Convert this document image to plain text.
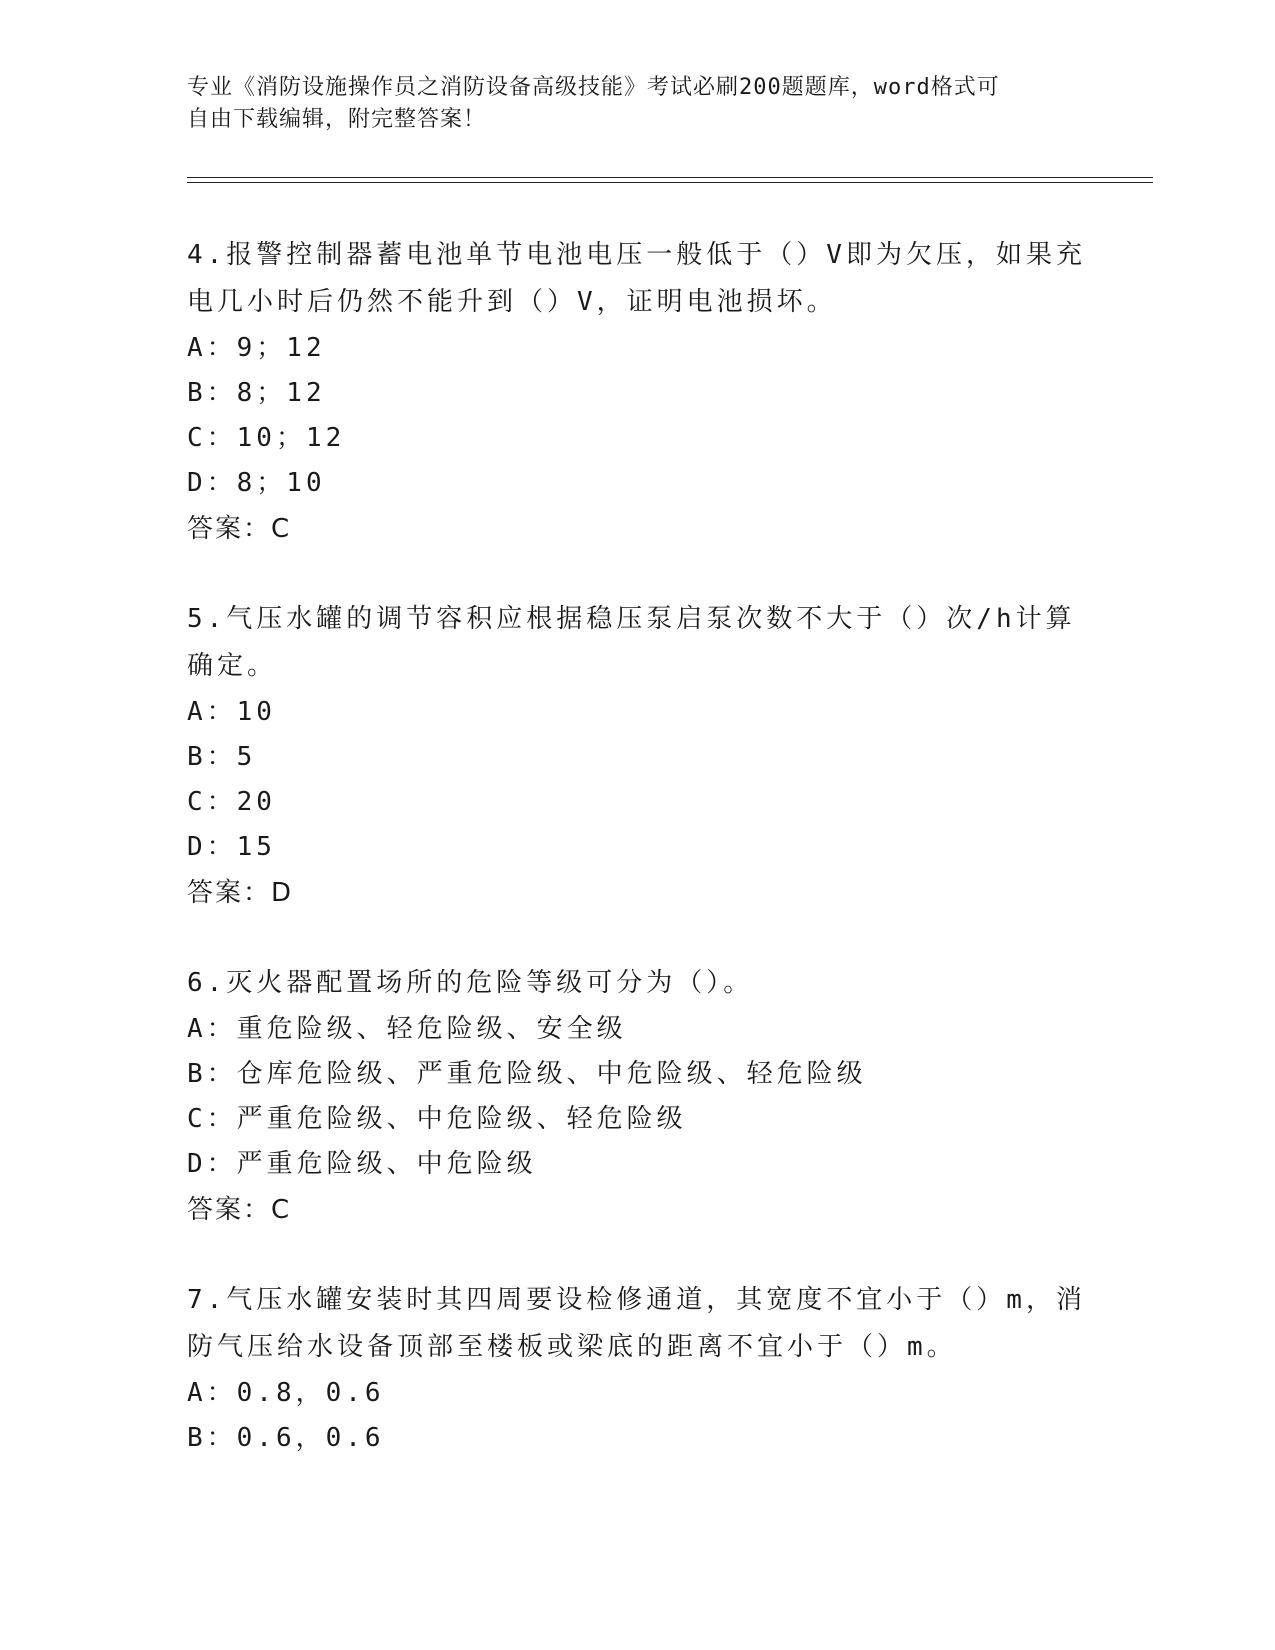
专业《消防设施操作员之消防设备高级技能》考试必刷200题题库，word格式可
自由下载编辑，附完整答案！
4.报警控制器蓄电池单节电池电压一般低于（）V即为欠压，如果充电几小时后仍然不能升到（）V，证明电池损坏。
A：9；12
B：8；12
C：10；12
D：8；10
答案：C
5.气压水罐的调节容积应根据稳压泵启泵次数不大于（）次/h计算确定。
A：10
B：5
C：20
D：15
答案：D
6.灭火器配置场所的危险等级可分为（）。
A：重危险级、轻危险级、安全级
B：仓库危险级、严重危险级、中危险级、轻危险级
C：严重危险级、中危险级、轻危险级
D：严重危险级、中危险级
答案：C
7.气压水罐安装时其四周要设检修通道，其宽度不宜小于（）m，消防气压给水设备顶部至楼板或梁底的距离不宜小于（）m。
A：0.8，0.6
B：0.6，0.6
